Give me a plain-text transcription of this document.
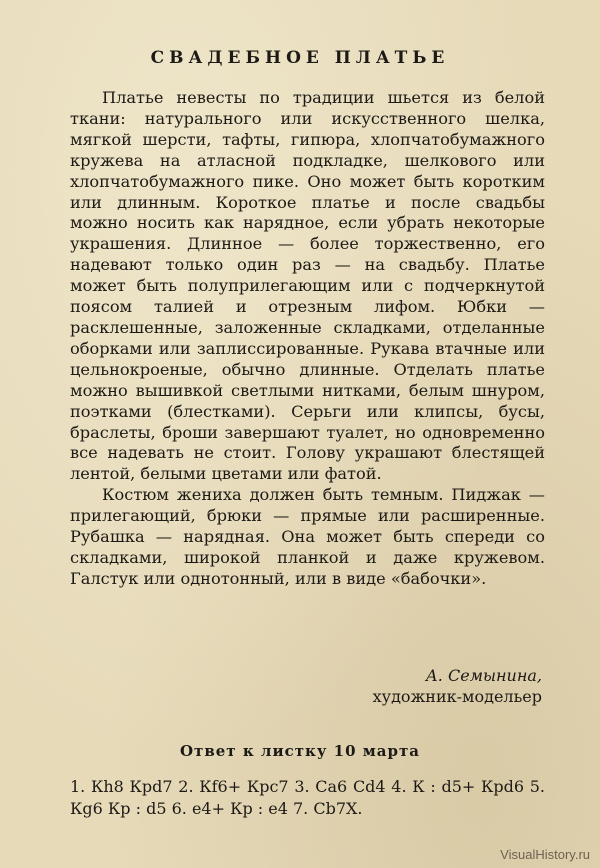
СВАДЕБНОЕ ПЛАТЬЕ

Платье невесты по традиции шьется из белой ткани: натурального или искусственного шелка, мягкой шерсти, тафты, гипюра, хлопчатобумажного кружева на атласной подкладке, шелкового или хлопчатобумажного пике. Оно может быть коротким или длинным. Короткое платье и после свадьбы можно носить как нарядное, если убрать некоторые украшения. Длинное — более торжественно, его надевают только один раз — на свадьбу. Платье может быть полуприлегающим или с подчеркнутой поясом талией и отрезным лифом. Юбки — расклешенные, заложенные складками, отделанные оборками или заплиссированные. Рукава втачные или цельнокроеные, обычно длинные. Отделать платье можно вышивкой светлыми нитками, белым шнуром, поэтками (блестками). Серьги или клипсы, бусы, браслеты, броши завершают туалет, но одновременно все надевать не стоит. Голову украшают блестящей лентой, белыми цветами или фатой.

Костюм жениха должен быть темным. Пиджак — прилегающий, брюки — прямые или расширенные. Рубашка — нарядная. Она может быть спереди со складками, широкой планкой и даже кружевом. Галстук или однотонный, или в виде «бабочки».

А. Семынина,
художник-модельер
Ответ к листку 10 марта
1. Кh8 Крd7 2. Кf6+ Крс7 3. Са6 Cd4 4. К : d5+ Крd6 5. Кg6 Кр : d5 6. е4+ Кр : е4 7. Сb7X.
VisualHistory.ru
